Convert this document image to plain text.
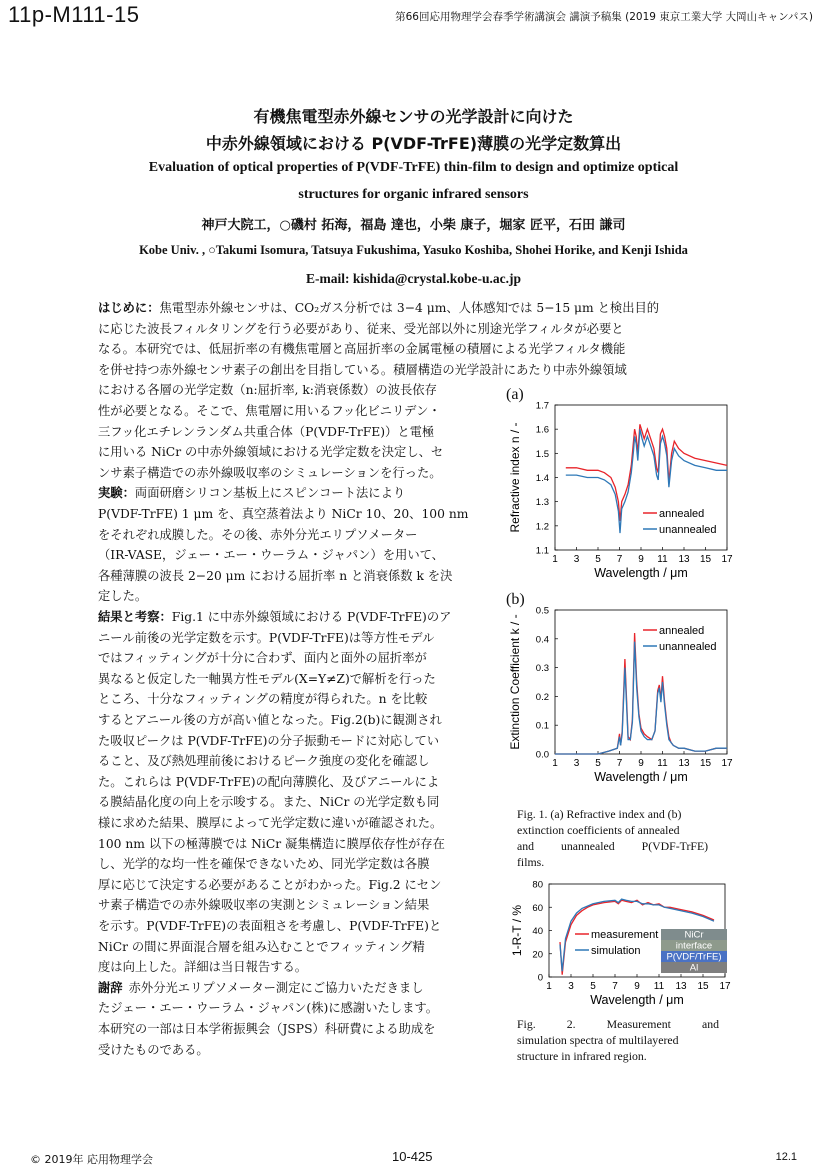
11p-M111-15	第66回応用物理学会春季学術講演会 講演予稿集 (2019 東京工業大学 大岡山キャンパス)
有機焦電型赤外線センサの光学設計に向けた
中赤外線領域における P(VDF-TrFE)薄膜の光学定数算出
Evaluation of optical properties of P(VDF-TrFE) thin-film to design and optimize optical
structures for organic infrared sensors
神戸大院工，○磯村 拓海，福島 達也，小柴 康子，堀家 匠平，石田 謙司
Kobe Univ. , ○Takumi Isomura, Tatsuya Fukushima, Yasuko Koshiba, Shohei Horike, and Kenji Ishida
E-mail: kishida@crystal.kobe-u.ac.jp
はじめに：焦電型赤外線センサは、CO₂ガス分析では 3−4 μm、人体感知では 5−15 μm と検出目的
に応じた波長フィルタリングを行う必要があり、従来、受光部以外に別途光学フィルタが必要と
なる。本研究では、低屈折率の有機焦電層と高屈折率の金属電極の積層による光学フィルタ機能
を併せ持つ赤外線センサ素子の創出を目指している。積層構造の光学設計にあたり中赤外線領域
における各層の光学定数（n:屈折率, k:消衰係数）の波長依存
性が必要となる。そこで、焦電層に用いるフッ化ビニリデン・
三フッ化エチレンランダム共重合体（P(VDF-TrFE)）と電極
に用いる NiCr の中赤外線領域における光学定数を決定し、セ
ンサ素子構造での赤外線吸収率のシミュレーションを行った。
実験：両面研磨シリコン基板上にスピンコート法により
P(VDF-TrFE) 1 μm を、真空蒸着法より NiCr 10、20、100 nm
をそれぞれ成膜した。その後、赤外分光エリプソメーター
（IR-VASE，ジェー・エー・ウーラム・ジャパン）を用いて、
各種薄膜の波長 2−20 μm における屈折率 n と消衰係数 k を決
定した。
結果と考察：Fig.1 に中赤外線領域における P(VDF-TrFE)のア
ニール前後の光学定数を示す。P(VDF-TrFE)は等方性モデル
ではフィッティングが十分に合わず、面内と面外の屈折率が
異なると仮定した一軸異方性モデル(X=Y≠Z)で解析を行った
ところ、十分なフィッティングの精度が得られた。n を比較
するとアニール後の方が高い値となった。Fig.2(b)に観測され
た吸収ピークは P(VDF-TrFE)の分子振動モードに対応してい
ること、及び熱処理前後におけるピーク強度の変化を確認し
た。これらは P(VDF-TrFE)の配向薄膜化、及びアニールによ
る膜結晶化度の向上を示唆する。また、NiCr の光学定数も同
様に求めた結果、膜厚によって光学定数に違いが確認された。
100 nm 以下の極薄膜では NiCr 凝集構造に膜厚依存性が存在
し、光学的な均一性を確保できないため、同光学定数は各膜
厚に応じて決定する必要があることがわかった。Fig.2 にセン
サ素子構造での赤外線吸収率の実測とシミュレーション結果
を示す。P(VDF-TrFE)の表面粗さを考慮し、P(VDF-TrFE)と
NiCr の間に界面混合層を組み込むことでフィッティング精
度は向上した。詳細は当日報告する。
謝辞 赤外分光エリプソメーター測定にご協力いただきまし
たジェー・エー・ウーラム・ジャパン(株)に感謝いたします。
本研究の一部は日本学術振興会（JSPS）科研費による助成を
受けたものである。
1 3 5 7 9 11 13 15 17
1.1
1.2
1.3
1.4
1.5
1.6
1.7
Wavelength / μm
Refractive index n / -	annealed
unannealed
(a)
1 3 5 7 9 11 13 15 17
0.0
0.1
0.2
0.3
0.4
0.5
Wavelength / μm
Extinction Coefficient k / -	annealed
unannealed
(b)
Fig. 1. (a) Refractive index and (b)
extinction coefficients of annealed
and unannealed P(VDF-TrFE)
films.
1 3 5 7 9 11 13 15 17
0
20
40
60
80
Wavelength / μm
1-R-T / %	measurement
simulation
NiCr
interface
P(VDF/TrFE)
Al
Fig. 2. Measurement and
simulation spectra of multilayered
structure in infrared region.
© 2019年 応用物理学会	10-425	12.1
